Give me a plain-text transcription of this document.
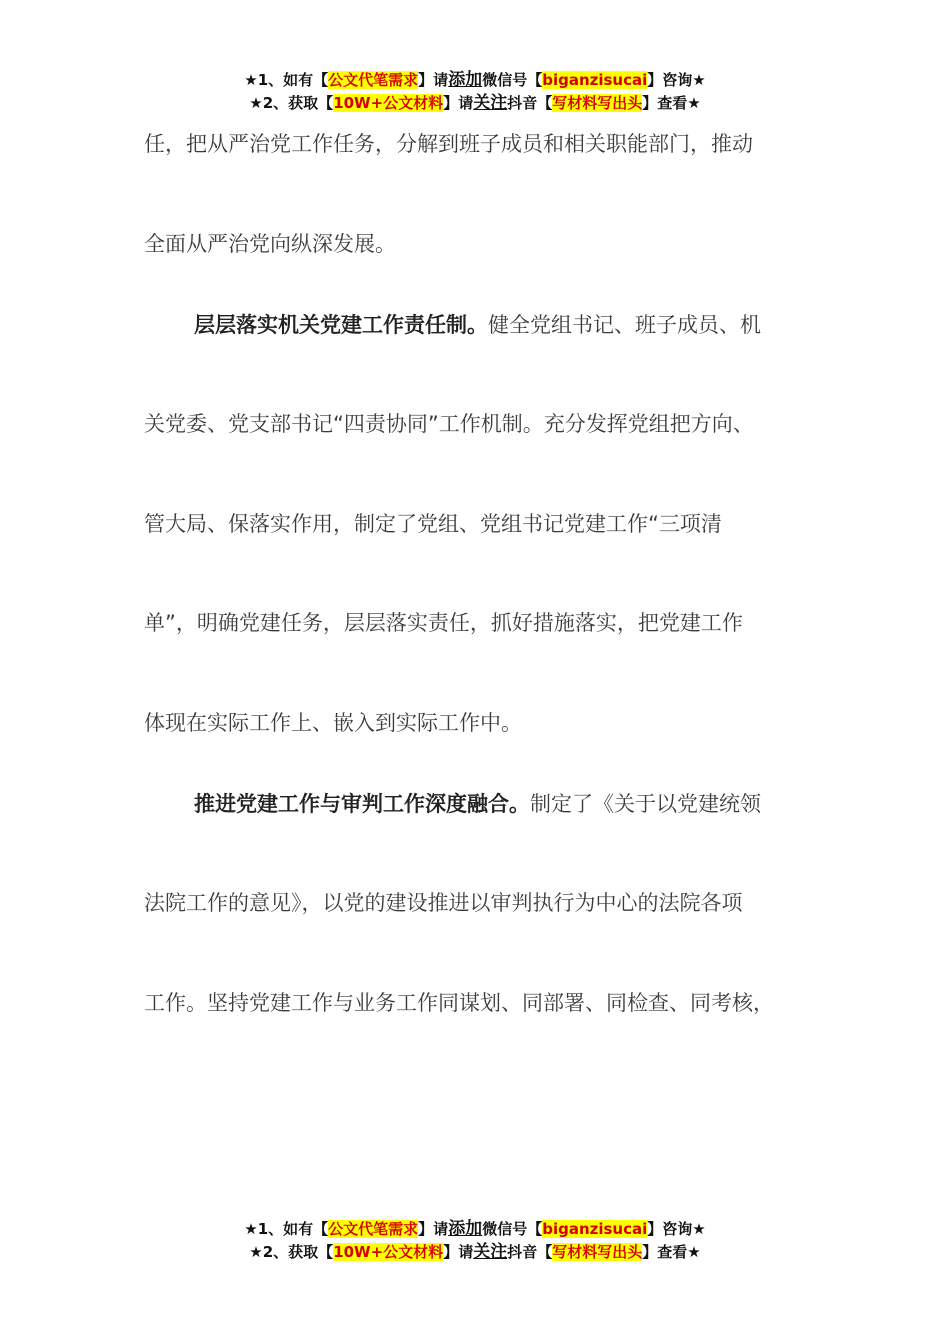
★1、如有【公文代笔需求】请添加微信号【biganzisucai】咨询★
★2、获取【10W+公文材料】请关注抖音【写材料写出头】查看★
任，把从严治党工作任务，分解到班子成员和相关职能部门，推动
全面从严治党向纵深发展。
层层落实机关党建工作责任制。健全党组书记、班子成员、机
关党委、党支部书记“四责协同”工作机制。充分发挥党组把方向、
管大局、保落实作用，制定了党组、党组书记党建工作“三项清
单”，明确党建任务，层层落实责任，抓好措施落实，把党建工作
体现在实际工作上、嵌入到实际工作中。
推进党建工作与审判工作深度融合。制定了《关于以党建统领
法院工作的意见》，以党的建设推进以审判执行为中心的法院各项
工作。坚持党建工作与业务工作同谋划、同部署、同检查、同考核，
★1、如有【公文代笔需求】请添加微信号【biganzisucai】咨询★
★2、获取【10W+公文材料】请关注抖音【写材料写出头】查看★
